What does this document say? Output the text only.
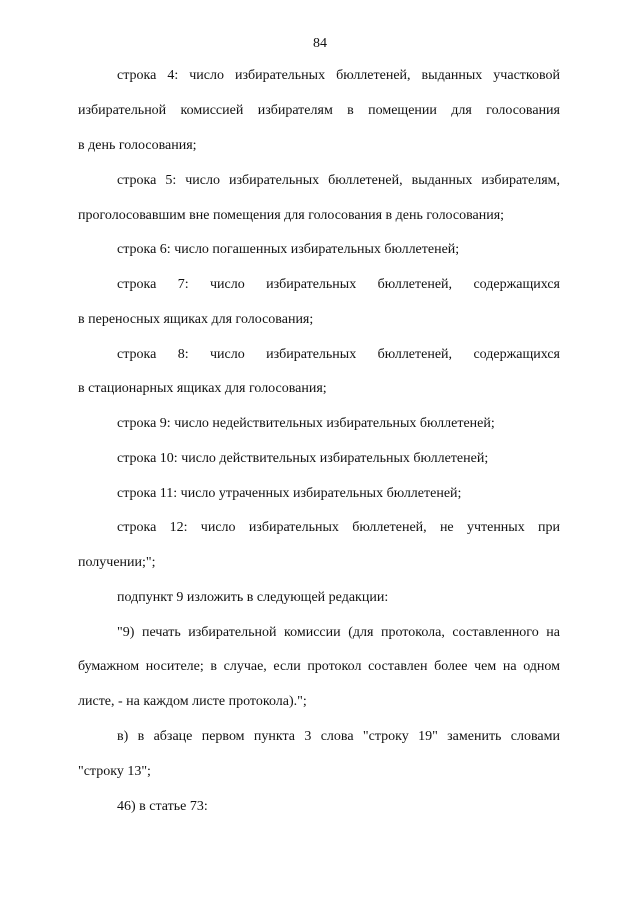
84
строка 4: число избирательных бюллетеней, выданных участковой
избирательной комиссией избирателям в помещении для голосования
в день голосования;
строка 5: число избирательных бюллетеней, выданных избирателям,
проголосовавшим вне помещения для голосования в день голосования;
строка 6: число погашенных избирательных бюллетеней;
строка 7: число избирательных бюллетеней, содержащихся
в переносных ящиках для голосования;
строка 8: число избирательных бюллетеней, содержащихся
в стационарных ящиках для голосования;
строка 9: число недействительных избирательных бюллетеней;
строка 10: число действительных избирательных бюллетеней;
строка 11: число утраченных избирательных бюллетеней;
строка 12: число избирательных бюллетеней, не учтенных при
получении;";
подпункт 9 изложить в следующей редакции:
"9) печать избирательной комиссии (для протокола, составленного на
бумажном носителе; в случае, если протокол составлен более чем на одном
листе, - на каждом листе протокола).";
в) в абзаце первом пункта 3 слова "строку 19" заменить словами
"строку 13";
46) в статье 73:
